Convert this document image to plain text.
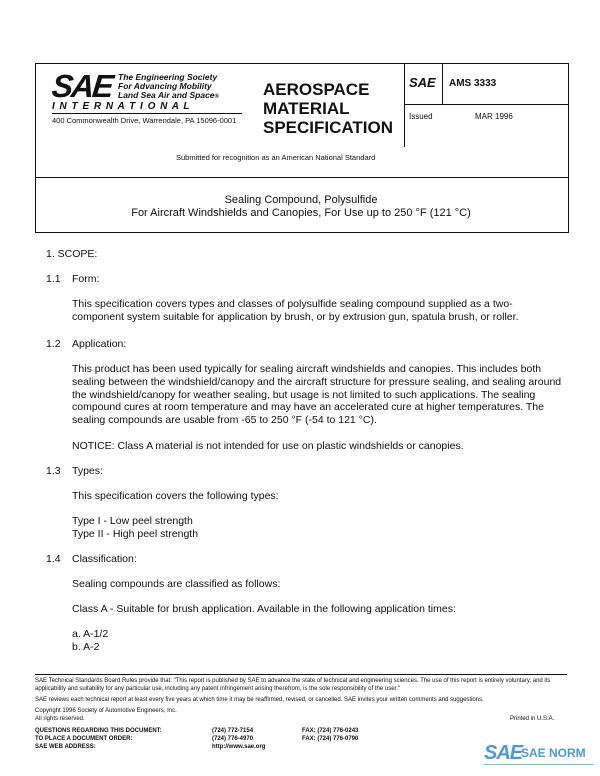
SAE The Engineering Society
For Advancing Mobility
Land Sea Air and Space®
I N T E R N A T I O N A L
400 Commonwealth Drive, Warrendale, PA 15096-0001
AEROSPACE
MATERIAL
SPECIFICATION
SAE AMS 3333
Issued	MAR 1996
Submitted for recognition as an American National Standard
Sealing Compound, Polysulfide
For Aircraft Windshields and Canopies, For Use up to 250 °F (121 °C)
1. SCOPE:
1.1 Form:
This specification covers types and classes of polysulfide sealing compound supplied as a two-component system suitable for application by brush, or by extrusion gun, spatula brush, or roller.
1.2 Application:
This product has been used typically for sealing aircraft windshields and canopies. This includes both sealing between the windshield/canopy and the aircraft structure for pressure sealing, and sealing around the windshield/canopy for weather sealing, but usage is not limited to such applications. The sealing compound cures at room temperature and may have an accelerated cure at higher temperatures. The sealing compounds are usable from -65 to 250 °F (-54 to 121 °C).
NOTICE: Class A material is not intended for use on plastic windshields or canopies.
1.3 Types:
This specification covers the following types:
Type I - Low peel strength
Type II - High peel strength
1.4 Classification:
Sealing compounds are classified as follows:
Class A - Suitable for brush application. Available in the following application times:
a. A-1/2
b. A-2
SAE Technical Standards Board Rules provide that: "This report is published by SAE to advance the state of technical and engineering sciences. The use of this report is entirely voluntary, and its applicability and suitability for any particular use, including any patent infringement arising therefrom, is the sole responsibility of the user."
SAE reviews each technical report at least every five years at which time it may be reaffirmed, revised, or cancelled. SAE invites your written comments and suggestions.
Copyright 1996 Society of Automotive Engineers, Inc.
All rights reserved.	Printed in U.S.A.
QUESTIONS REGARDING THIS DOCUMENT:	(724) 772-7154	FAX: (724) 776-0243
TO PLACE A DOCUMENT ORDER:	(724) 776-4970	FAX: (724) 776-0790
SAE WEB ADDRESS:	http://www.sae.org	SAE
SAE NORM
